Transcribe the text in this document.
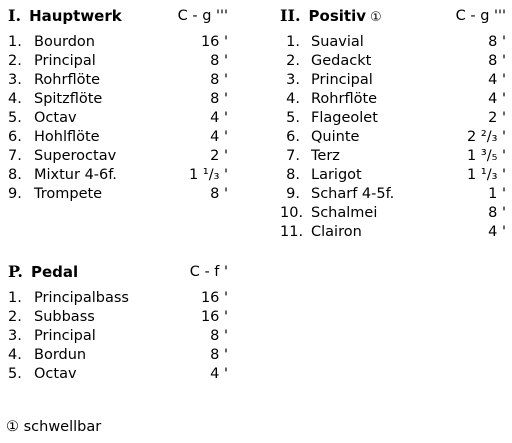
I. Hauptwerk	C - g '''
1. Bourdon	16 '
2. Principal	8 '
3. Rohrflöte	8 '
4. Spitzflöte	8 '
5. Octav	4 '
6. Hohlflöte	4 '
7. Superoctav	2 '
8. Mixtur 4-6f.	1 ¹/₃ '
9. Trompete	8 '
II. Positiv ①	C - g '''
1. Suavial	8 '
2. Gedackt	8 '
3. Principal	4 '
4. Rohrflöte	4 '
5. Flageolet	2 '
6. Quinte	2 ²/₃ '
7. Terz	1 ³/₅ '
8. Larigot	1 ¹/₃ '
9. Scharf 4-5f.	1 '
10. Schalmei	8 '
11. Clairon	4 '
P. Pedal	C - f '
1. Principalbass	16 '
2. Subbass	16 '
3. Principal	8 '
4. Bordun	8 '
5. Octav	4 '
① schwellbar
